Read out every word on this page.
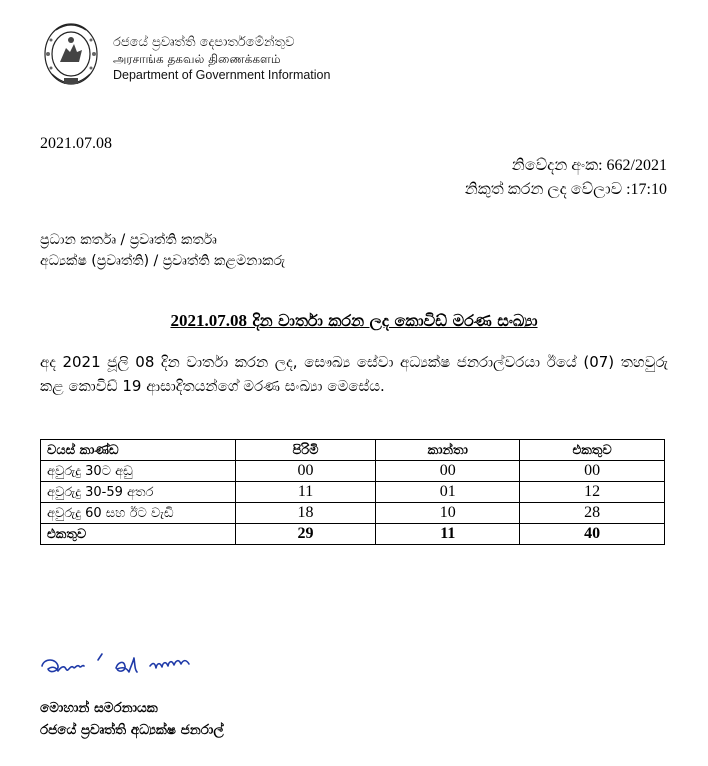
රජයේ ප්‍රවෘත්ති දෙපාර්තමේන්තුව
அரசாங்க தகவல் திணைக்களம்
Department of Government Information
2021.07.08
නිවේදන අංක: 662/2021
නිකුත් කරන ලද වේලාව :17:10
ප්‍රධාන කර්තෘ / ප්‍රවෘත්ති කර්තෘ
අධ්‍යක්ෂ (ප්‍රවෘත්ති) / ප්‍රවෘත්ති කළමනාකරු
2021.07.08 දින වාර්තා කරන ලද කොවිඩ් මරණ සංඛ්‍යා
අද 2021 ජූලි 08 දින වාර්තා කරන ලද, සෞඛ්‍ය සේවා අධ්‍යක්ෂ ජනරාල්වරයා ඊයේ (07) තහවුරු කළ කොවිඩ් 19 ආසාදිතයන්ගේ මරණ සංඛ්‍යා මෙසේය.
වයස් කාණ්ඩ	පිරිමි	කාන්තා	එකතුව
අවුරුදු 30ට අඩු	00	00	00
අවුරුදු 30-59 අතර	11	01	12
අවුරුදු 60 සහ ඊට වැඩි	18	10	28
එකතුව	29	11	40
මොහාන් සමරනායක
රජයේ ප්‍රවෘත්ති අධ්‍යක්ෂ ජනරාල්
